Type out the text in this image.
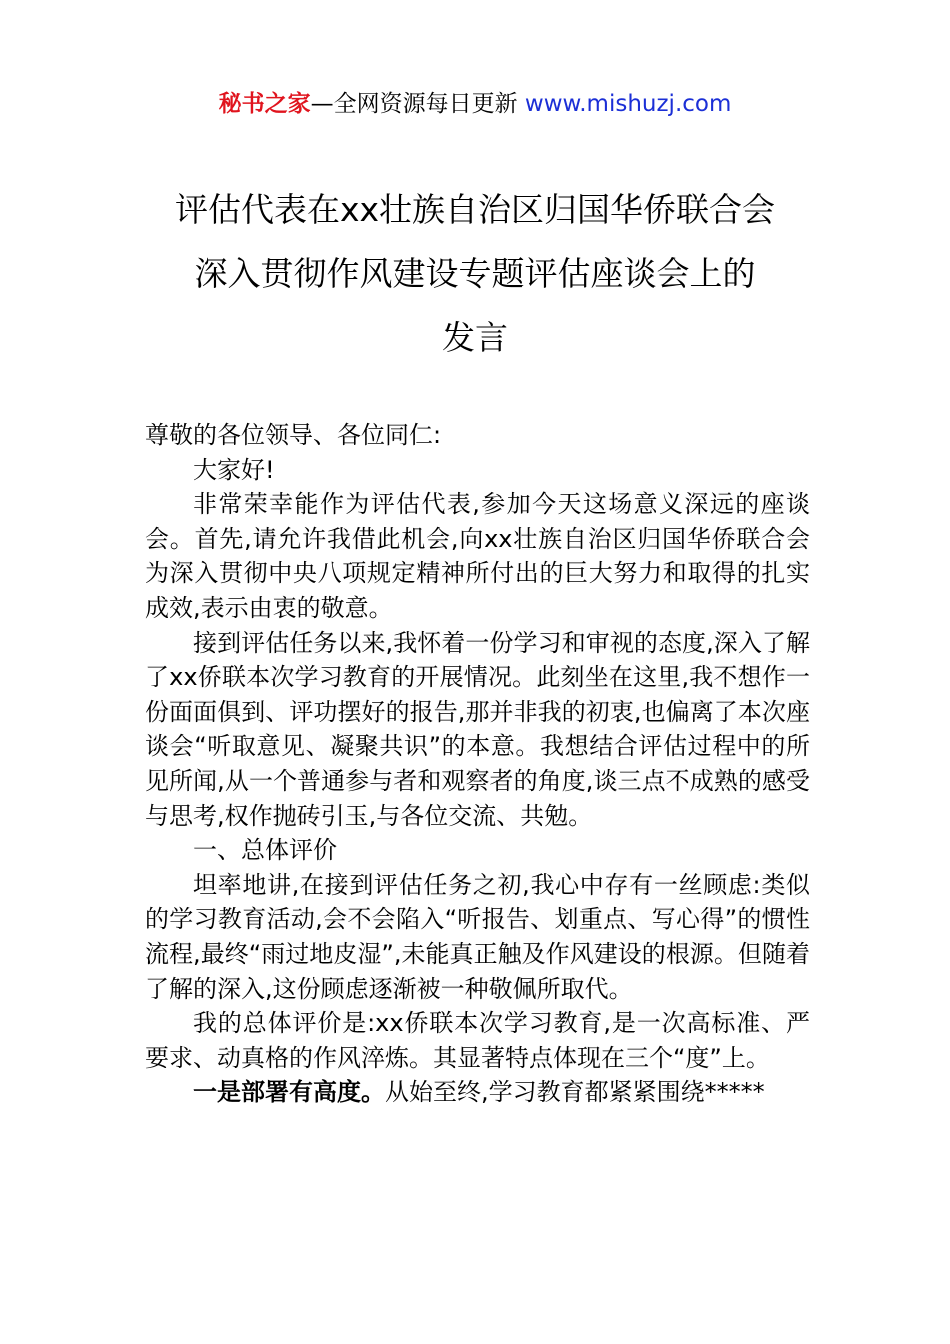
秘书之家—全网资源每日更新 www.mishuzj.com
评估代表在xx壮族自治区归国华侨联合会
深入贯彻作风建设专题评估座谈会上的
发言

尊敬的各位领导、各位同仁:

大家好!

非常荣幸能作为评估代表,参加今天这场意义深远的座谈会。首先,请允许我借此机会,向xx壮族自治区归国华侨联合会为深入贯彻中央八项规定精神所付出的巨大努力和取得的扎实成效,表示由衷的敬意。

接到评估任务以来,我怀着一份学习和审视的态度,深入了解了xx侨联本次学习教育的开展情况。此刻坐在这里,我不想作一份面面俱到、评功摆好的报告,那并非我的初衷,也偏离了本次座谈会“听取意见、凝聚共识”的本意。我想结合评估过程中的所见所闻,从一个普通参与者和观察者的角度,谈三点不成熟的感受与思考,权作抛砖引玉,与各位交流、共勉。

一、总体评价

坦率地讲,在接到评估任务之初,我心中存有一丝顾虑:类似的学习教育活动,会不会陷入“听报告、划重点、写心得”的惯性流程,最终“雨过地皮湿”,未能真正触及作风建设的根源。但随着了解的深入,这份顾虑逐渐被一种敬佩所取代。

我的总体评价是:xx侨联本次学习教育,是一次高标准、严要求、动真格的作风淬炼。其显著特点体现在三个“度”上。

一是部署有高度。从始至终,学习教育都紧紧围绕*****
